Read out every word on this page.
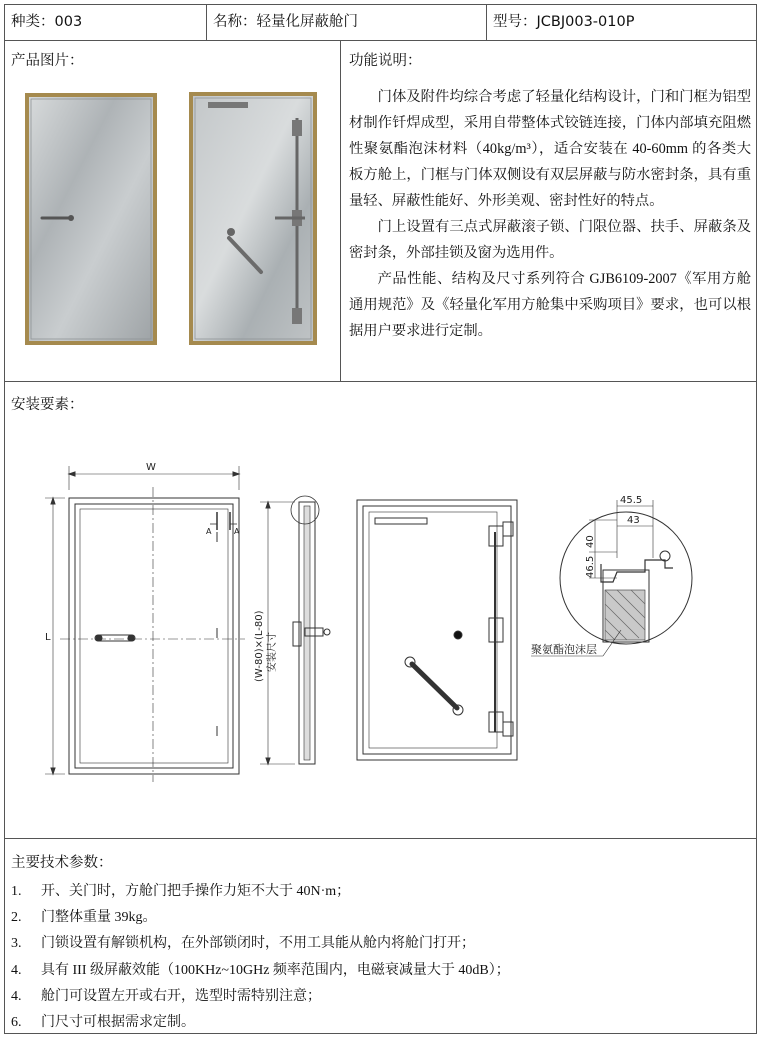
种类：003	名称：轻量化屏蔽舱门	型号：JCBJ003-010P
产品图片：	功能说明：

门体及附件均综合考虑了轻量化结构设计，门和门框为铝型材制作钎焊成型，采用自带整体式铰链连接，门体内部填充阻燃性聚氨酯泡沫材料（40kg/m³），适合安装在 40-60mm 的各类大板方舱上，门框与门体双侧设有双层屏蔽与防水密封条，具有重量轻、屏蔽性能好、外形美观、密封性好的特点。

门上设置有三点式屏蔽滚子锁、门限位器、扶手、屏蔽条及密封条，外部挂锁及窗为选用件。

产品性能、结构及尺寸系列符合 GJB6109-2007《军用方舱通用规范》及《轻量化军用方舱集中采购项目》要求，也可以根据用户要求进行定制。

安装要素：
W
L
A	A
(W-80)×(L-80) 安装尺寸
45.5
43
40
46.5
聚氨酯泡沫层
主要技术参数：
1. 开、关门时，方舱门把手操作力矩不大于 40N·m；
2. 门整体重量 39kg。
3. 门锁设置有解锁机构，在外部锁闭时，不用工具能从舱内将舱门打开；
4. 具有 III 级屏蔽效能（100KHz~10GHz 频率范围内，电磁衰减量大于 40dB）；
4. 舱门可设置左开或右开，选型时需特别注意；
6. 门尺寸可根据需求定制。
